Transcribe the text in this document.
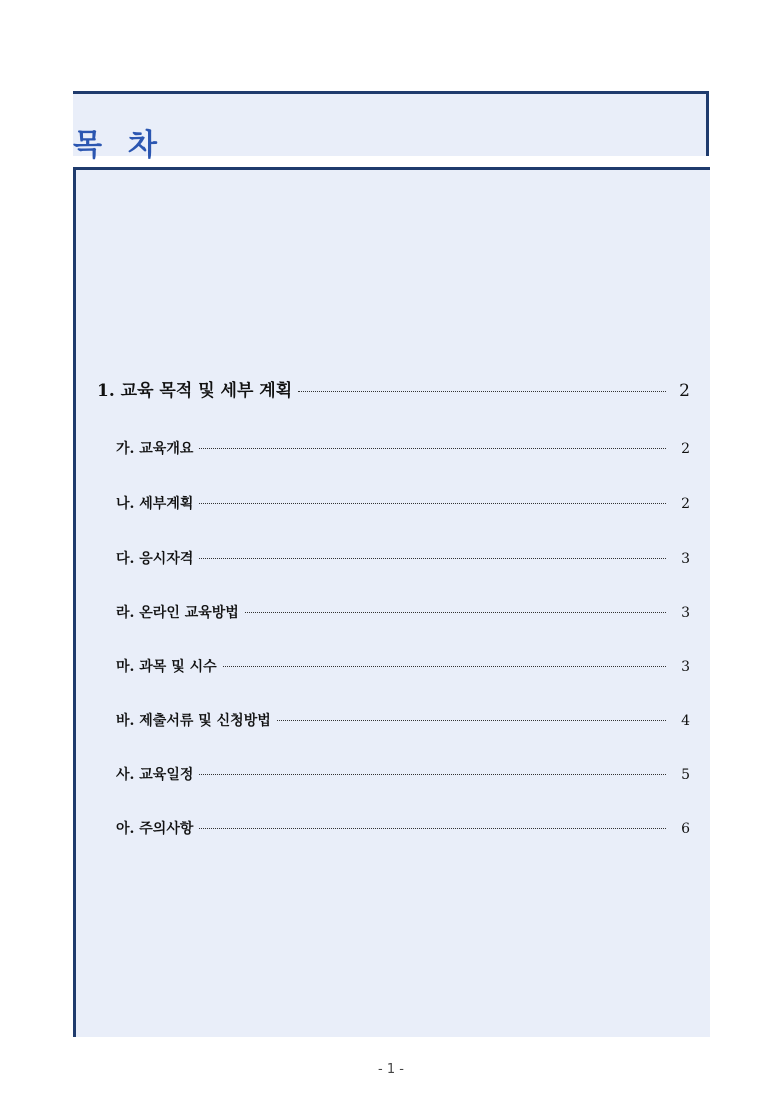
목 차
1. 교육 목적 및 세부 계획	2
가. 교육개요	2
나. 세부계획	2
다. 응시자격	3
라. 온라인 교육방법	3
마. 과목 및 시수	3
바. 제출서류 및 신청방법	4
사. 교육일정	5
아. 주의사항	6
- 1 -
